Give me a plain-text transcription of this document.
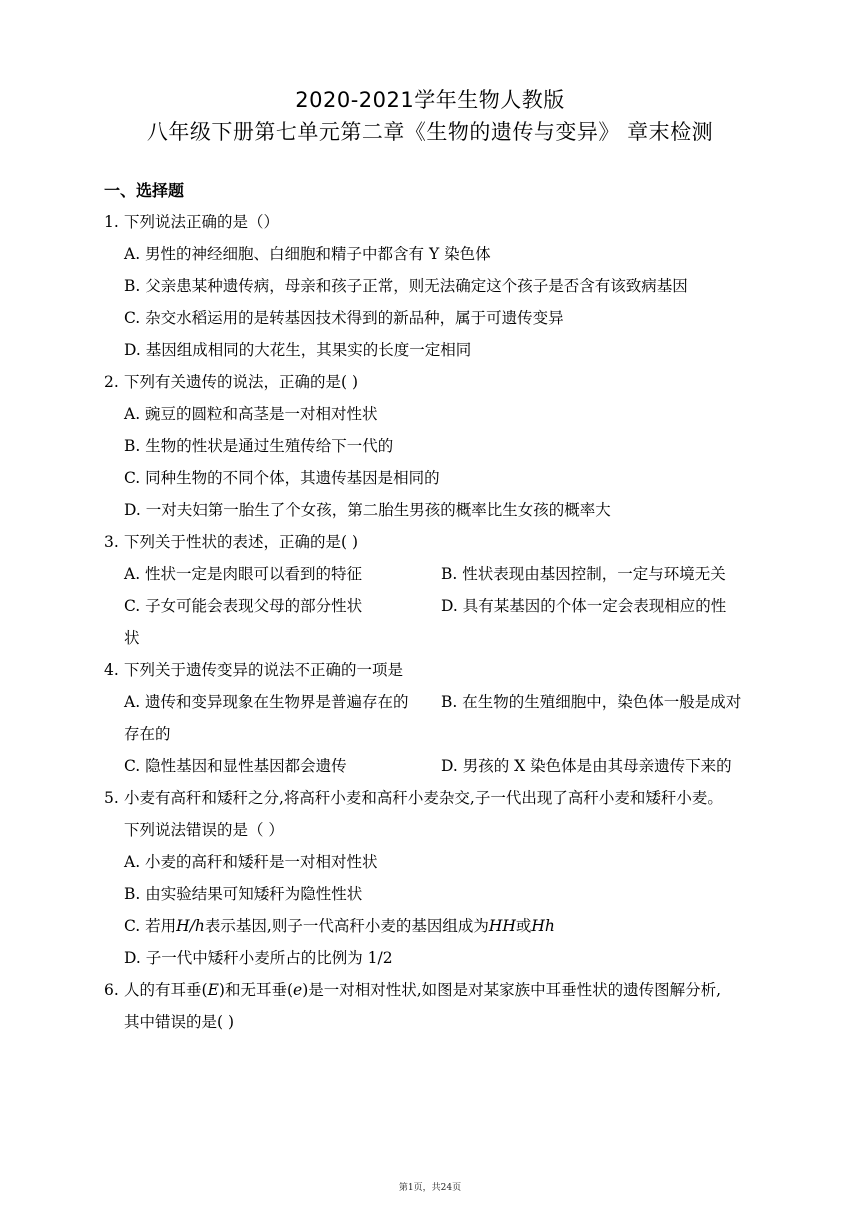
2020-2021学年生物人教版
八年级下册第七单元第二章《生物的遗传与变异》 章末检测
一、选择题
1. 下列说法正确的是（）
A. 男性的神经细胞、白细胞和精子中都含有 Y 染色体
B. 父亲患某种遗传病，母亲和孩子正常，则无法确定这个孩子是否含有该致病基因
C. 杂交水稻运用的是转基因技术得到的新品种，属于可遗传变异
D. 基因组成相同的大花生，其果实的长度一定相同
2. 下列有关遗传的说法，正确的是( )
A. 豌豆的圆粒和高茎是一对相对性状
B. 生物的性状是通过生殖传给下一代的
C. 同种生物的不同个体，其遗传基因是相同的
D. 一对夫妇第一胎生了个女孩，第二胎生男孩的概率比生女孩的概率大
3. 下列关于性状的表述，正确的是( )
A. 性状一定是肉眼可以看到的特征	B. 性状表现由基因控制，一定与环境无关
C. 子女可能会表现父母的部分性状	D. 具有某基因的个体一定会表现相应的性
状
4. 下列关于遗传变异的说法不正确的一项是
A. 遗传和变异现象在生物界是普遍存在的 B. 在生物的生殖细胞中，染色体一般是成对
存在的
C. 隐性基因和显性基因都会遗传	D. 男孩的 X 染色体是由其母亲遗传下来的
5. 小麦有高秆和矮秆之分,将高秆小麦和高秆小麦杂交,子一代出现了高秆小麦和矮秆小麦。
下列说法错误的是（ ）
A. 小麦的高秆和矮秆是一对相对性状
B. 由实验结果可知矮秆为隐性性状
C. 若用H/h表示基因,则子一代高秆小麦的基因组成为HH或Hh
D. 子一代中矮秆小麦所占的比例为 1/2
6. 人的有耳垂(E)和无耳垂(e)是一对相对性状,如图是对某家族中耳垂性状的遗传图解分析,
其中错误的是( )
第1页，共24页
